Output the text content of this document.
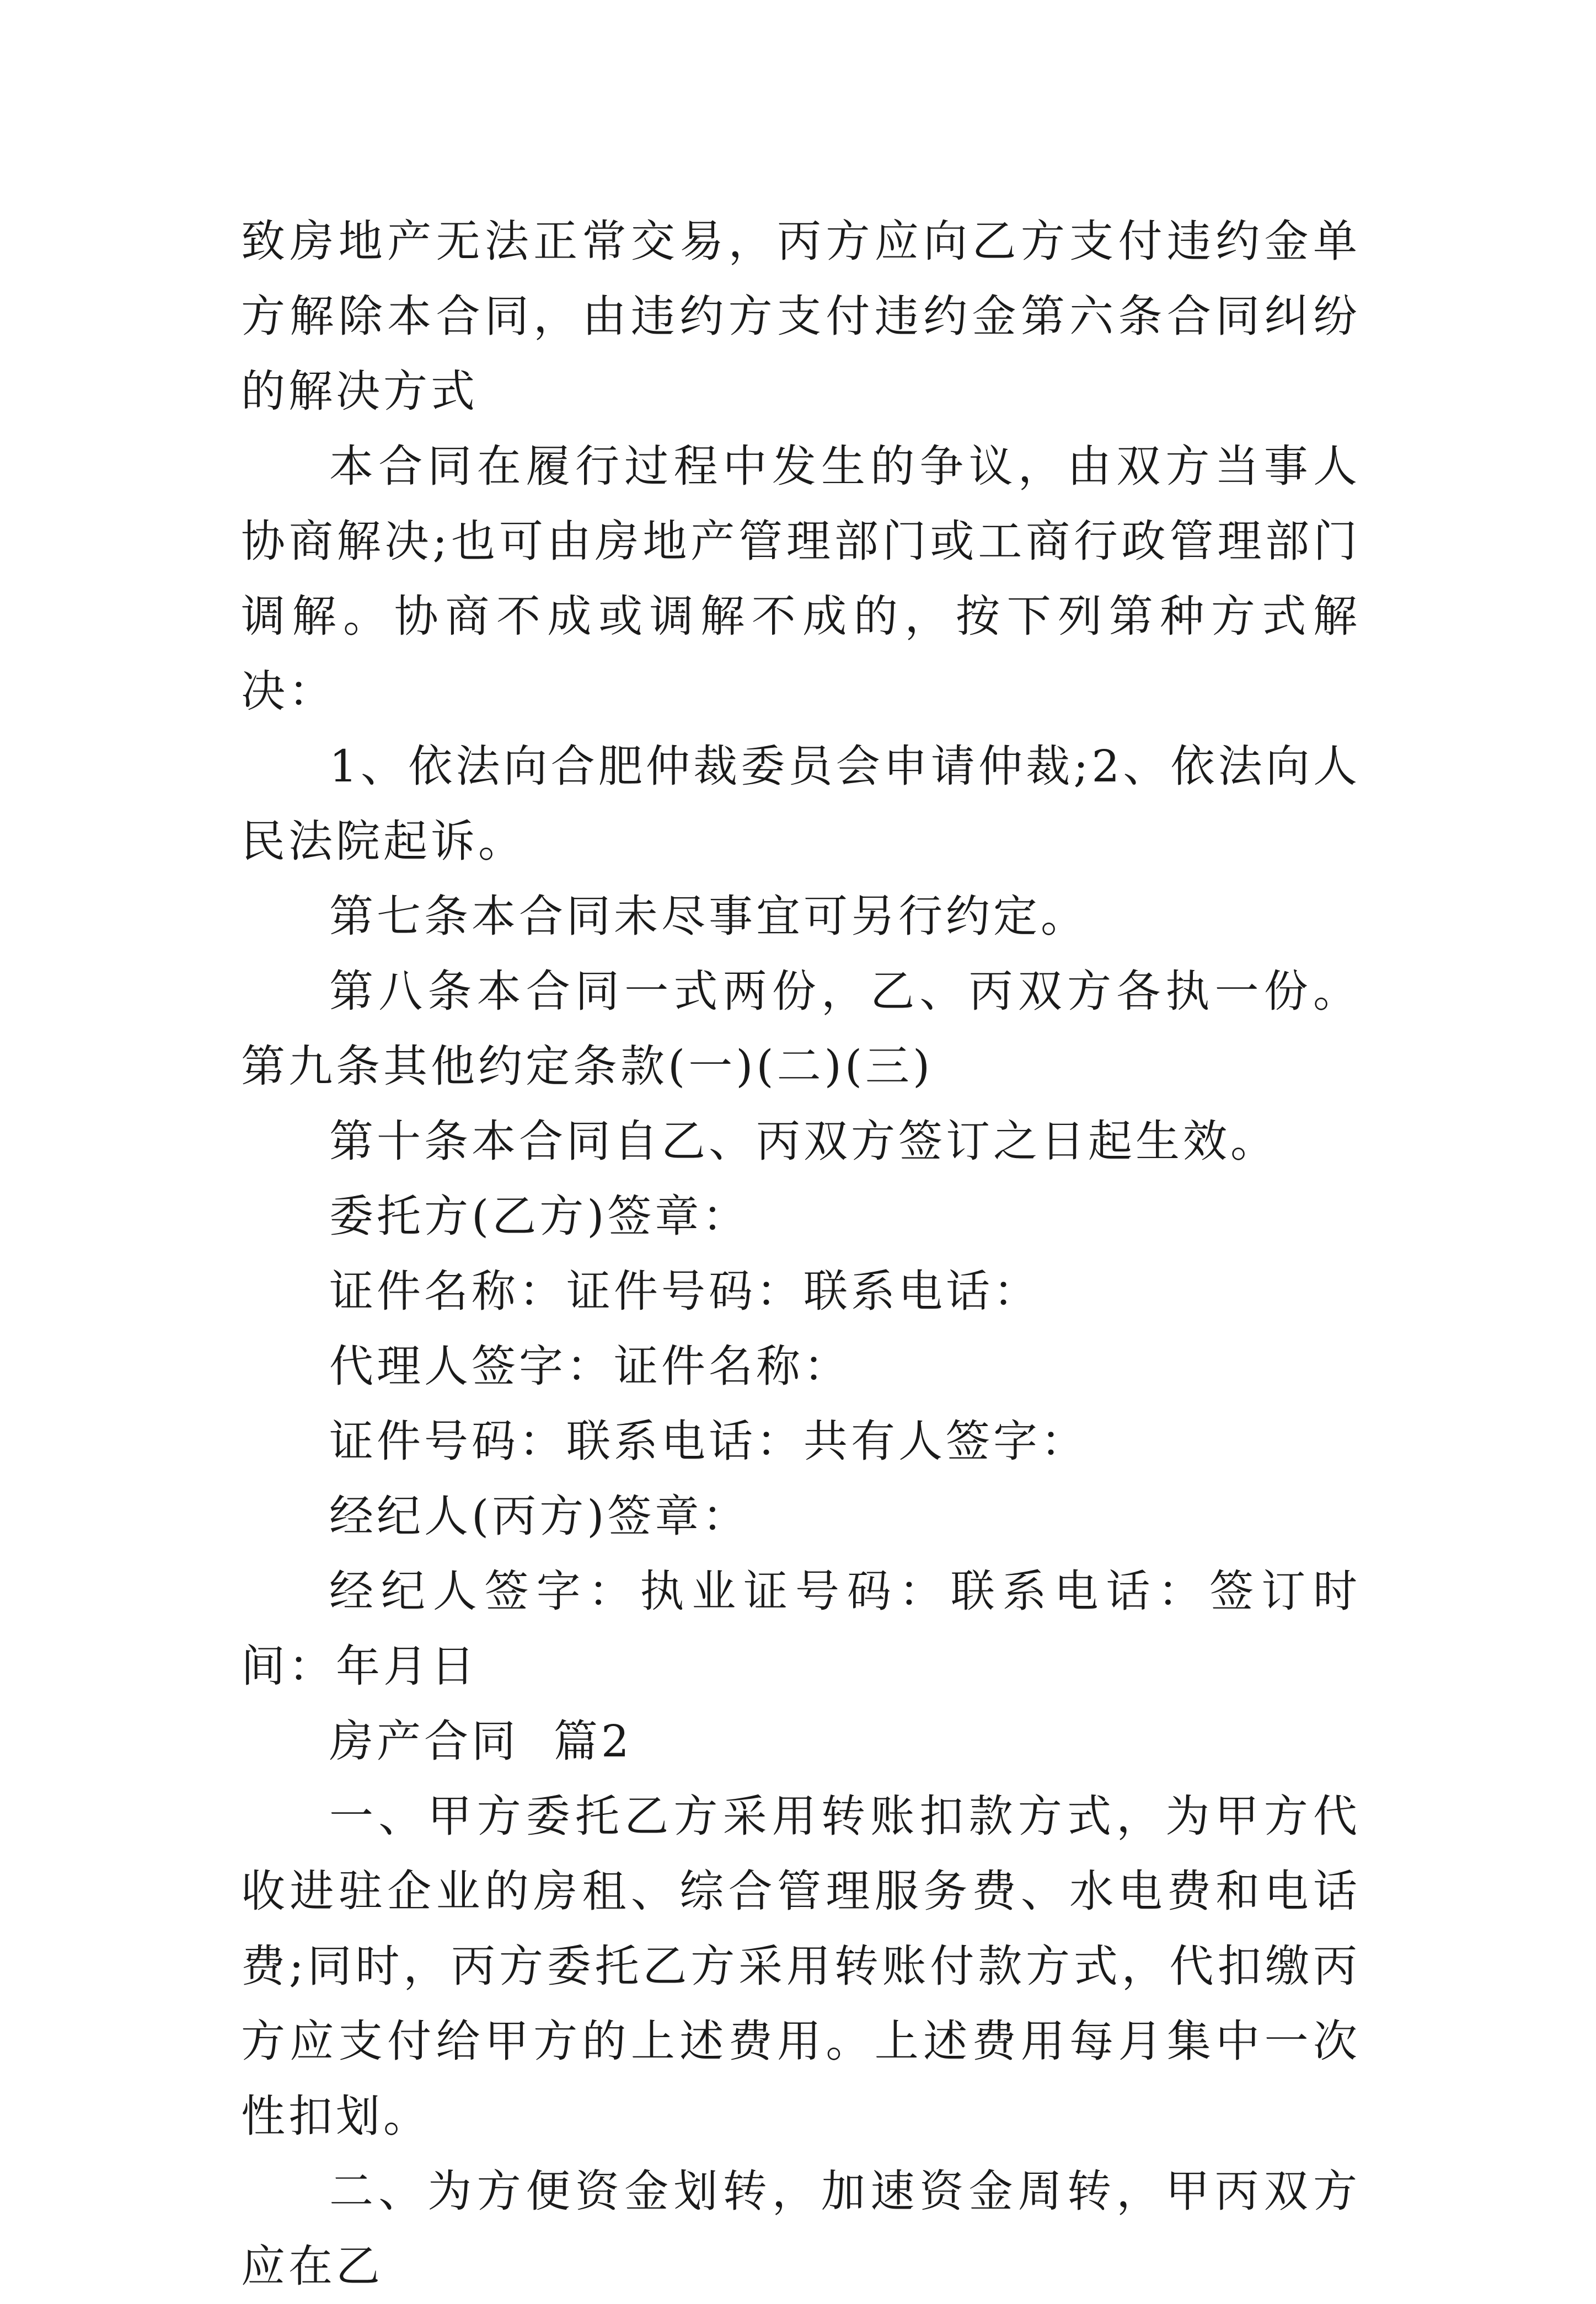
致房地产无法正常交易，丙方应向乙方支付违约金单方解除本合同，由违约方支付违约金第六条合同纠纷的解决方式

本合同在履行过程中发生的争议，由双方当事人协商解决;也可由房地产管理部门或工商行政管理部门调解。协商不成或调解不成的，按下列第种方式解决：

1、依法向合肥仲裁委员会申请仲裁;2、依法向人民法院起诉。

第七条本合同未尽事宜可另行约定。

第八条本合同一式两份，乙、丙双方各执一份。第九条其他约定条款(一)(二)(三)

第十条本合同自乙、丙双方签订之日起生效。

委托方(乙方)签章：

证件名称：证件号码：联系电话：

代理人签字：证件名称：

证件号码：联系电话：共有人签字：

经纪人(丙方)签章：

经纪人签字：执业证号码：联系电话：签订时间：年月日

房产合同  篇2

一、甲方委托乙方采用转账扣款方式，为甲方代收进驻企业的房租、综合管理服务费、水电费和电话费;同时，丙方委托乙方采用转账付款方式，代扣缴丙方应支付给甲方的上述费用。上述费用每月集中一次性扣划。

二、为方便资金划转，加速资金周转，甲丙双方应在乙
